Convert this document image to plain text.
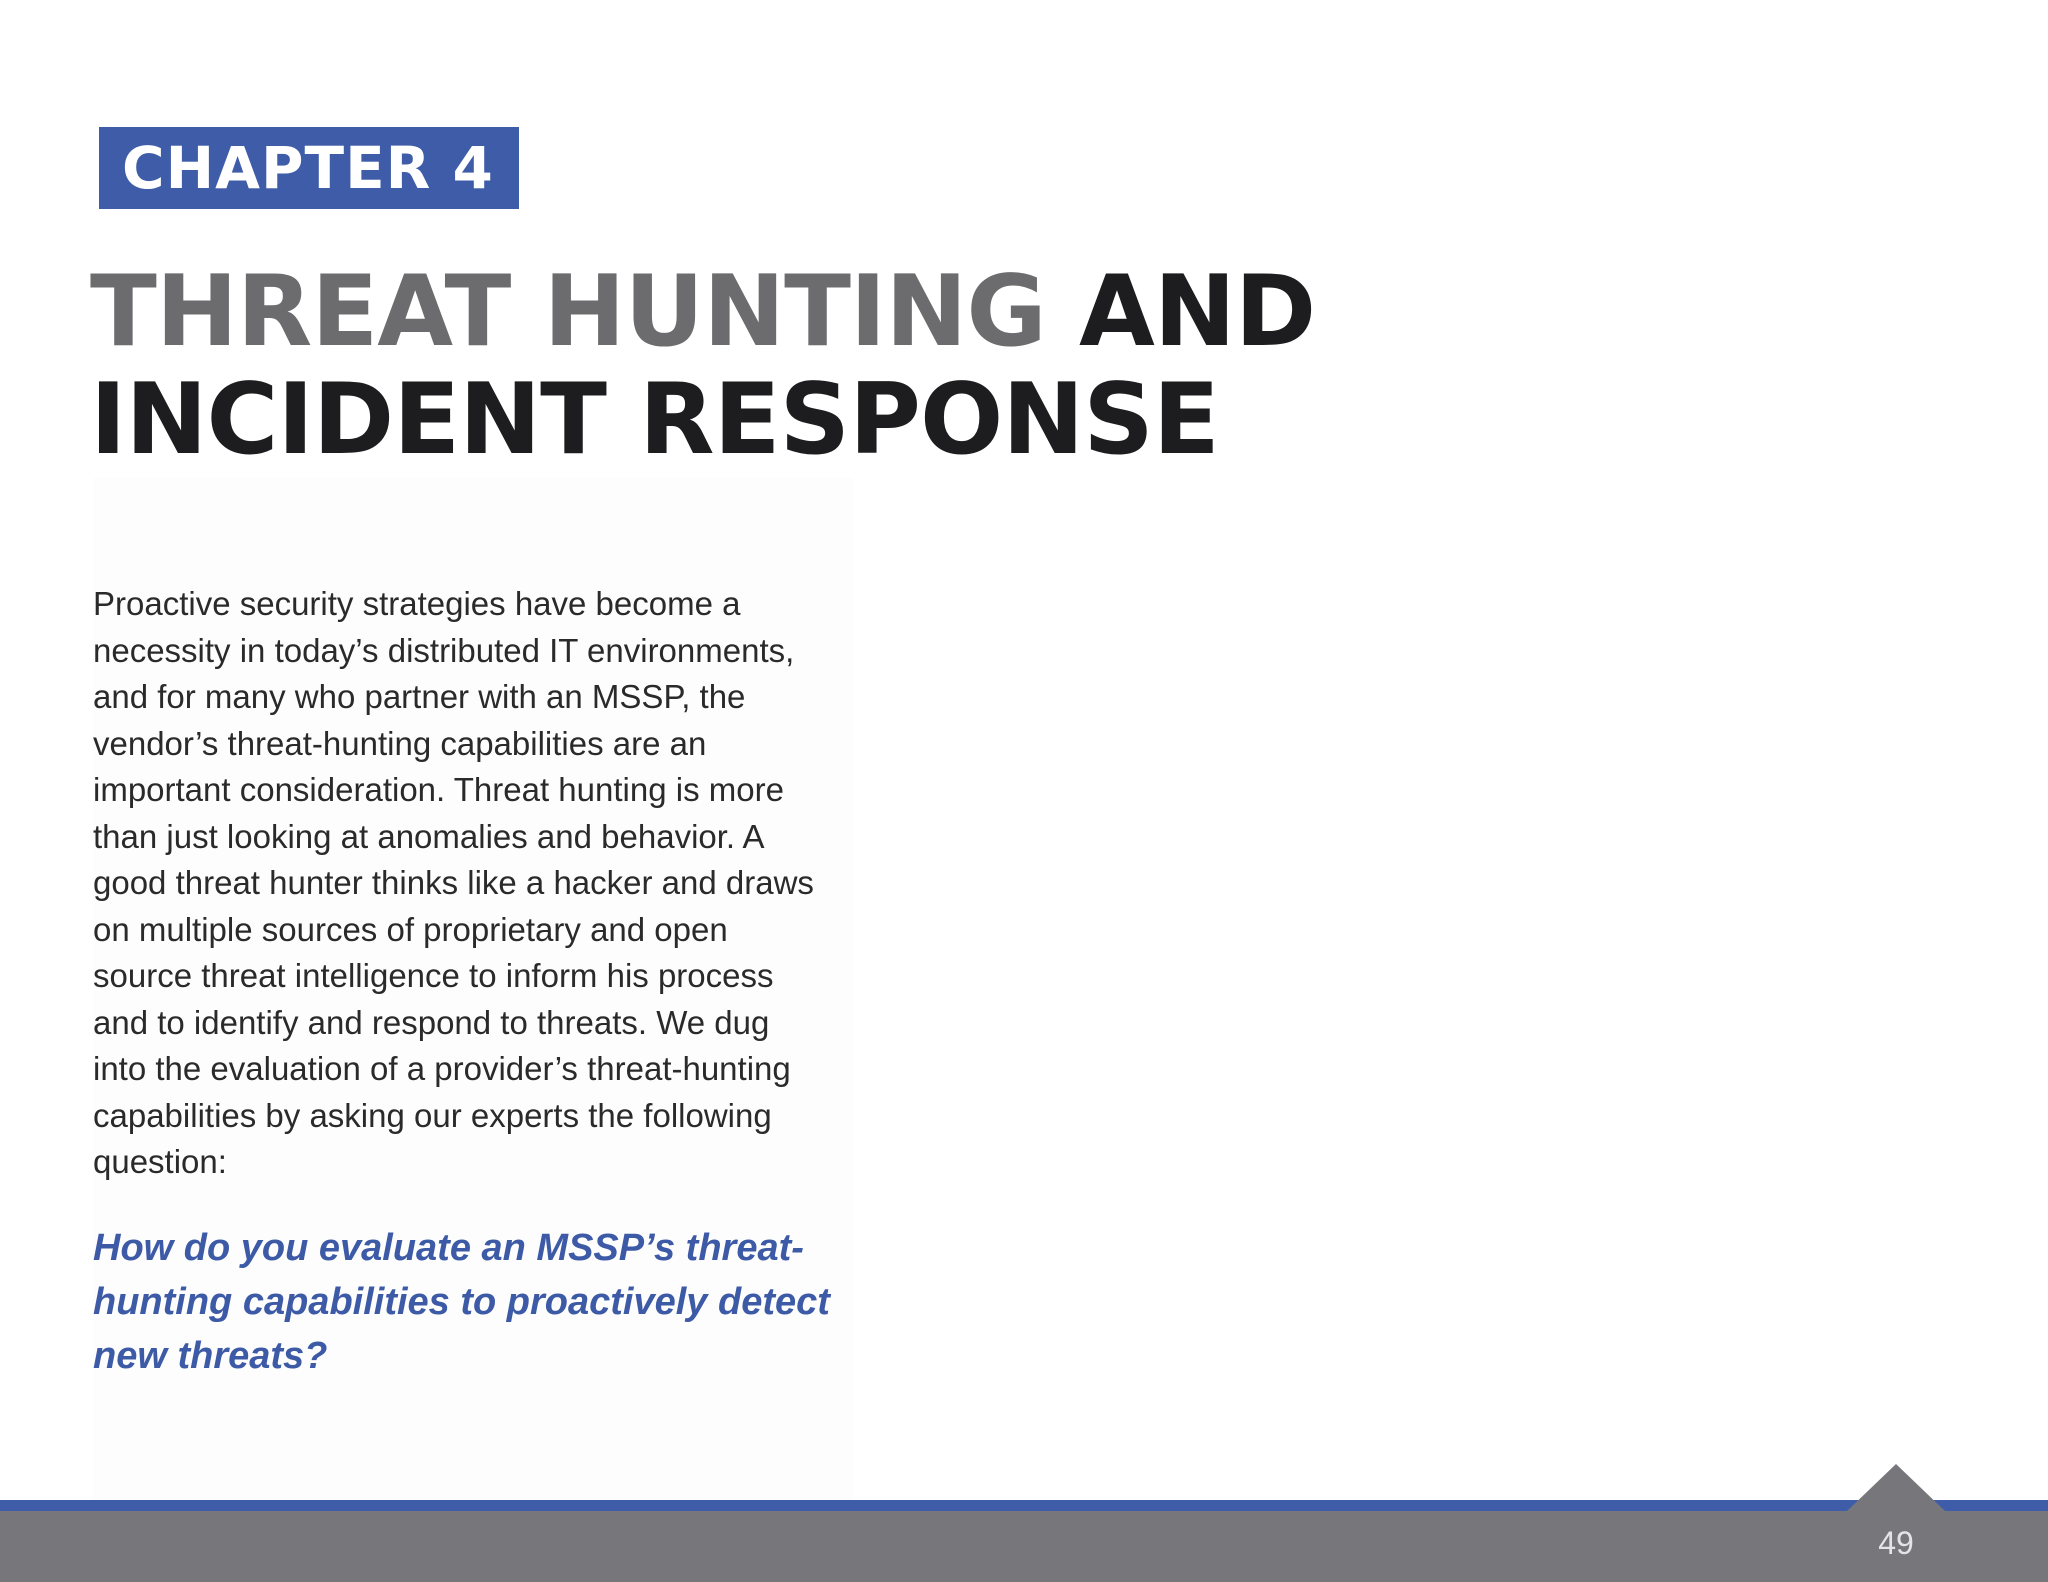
CHAPTER 4
THREAT HUNTING AND
INCIDENT RESPONSE

Proactive security strategies have become a
necessity in today’s distributed IT environments,
and for many who partner with an MSSP, the
vendor’s threat-hunting capabilities are an
important consideration. Threat hunting is more
than just looking at anomalies and behavior. A
good threat hunter thinks like a hacker and draws
on multiple sources of proprietary and open
source threat intelligence to inform his process
and to identify and respond to threats. We dug
into the evaluation of a provider’s threat-hunting
capabilities by asking our experts the following
question:

How do you evaluate an MSSP’s threat-
hunting capabilities to proactively detect
new threats?

49
